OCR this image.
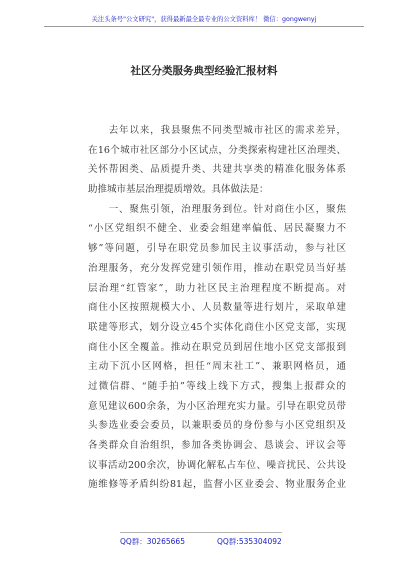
关注头条号"公文研究"，获得最新最全最专业的公文资料库！ 微信：gongwenyj
社区分类服务典型经验汇报材料

　　去年以来，我县聚焦不同类型城市社区的需求差异，
在16个城市社区部分小区试点，分类探索构建社区治理类、
关怀帮困类、品质提升类、共建共享类的精准化服务体系
助推城市基层治理提质增效。具体做法是：

　　一、聚焦引领，治理服务到位。针对商住小区，聚焦
“小区党组织不健全、业委会组建率偏低、居民凝聚力不
够”等问题，引导在职党员参加民主议事活动，参与社区
治理服务，充分发挥党建引领作用，推动在职党员当好基
层治理“红管家”，助力社区民主治理程度不断提高。对
商住小区按照规模大小、人员数量等进行划片，采取单建
联建等形式，划分设立45个实体化商住小区党支部，实现
商住小区全覆盖。推动在职党员到居住地小区党支部报到
主动下沉小区网格，担任“周末社工”、兼职网格员，通
过微信群、“随手拍”等线上线下方式，搜集上报群众的
意见建议600余条，为小区治理充实力量。引导在职党员带
头参选业委会委员，以兼职委员的身份参与小区党组织及
各类群众自治组织，参加各类协调会、恳谈会、评议会等
议事活动200余次，协调化解私占车位、噪音扰民、公共设
施维修等矛盾纠纷81起，监督小区业委会、物业服务企业

QQ群：30265665	QQ群:535304092
